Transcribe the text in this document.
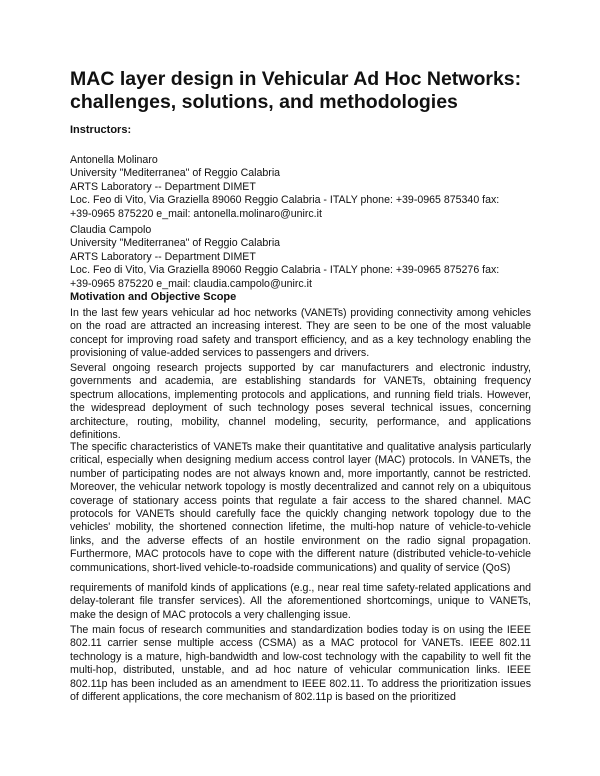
MAC layer design in Vehicular Ad Hoc Networks: challenges, solutions, and methodologies

Instructors:

Antonella Molinaro
University "Mediterranea" of Reggio Calabria
ARTS Laboratory -- Department DIMET
Loc. Feo di Vito, Via Graziella 89060 Reggio Calabria - ITALY phone: +39-0965 875340 fax:
+39-0965 875220 e_mail: antonella.molinaro@unirc.it
Claudia Campolo
University "Mediterranea" of Reggio Calabria
ARTS Laboratory -- Department DIMET
Loc. Feo di Vito, Via Graziella 89060 Reggio Calabria - ITALY phone: +39-0965 875276 fax:
+39-0965 875220 e_mail: claudia.campolo@unirc.it

Motivation and Objective Scope

In the last few years vehicular ad hoc networks (VANETs) providing connectivity among vehicles on the road are attracted an increasing interest. They are seen to be one of the most valuable concept for improving road safety and transport efficiency, and as a key technology enabling the provisioning of value-added services to passengers and drivers.

Several ongoing research projects supported by car manufacturers and electronic industry, governments and academia, are establishing standards for VANETs, obtaining frequency spectrum allocations, implementing protocols and applications, and running field trials. However, the widespread deployment of such technology poses several technical issues, concerning architecture, routing, mobility, channel modeling, security, performance, and applications definitions.

The specific characteristics of VANETs make their quantitative and qualitative analysis particularly critical, especially when designing medium access control layer (MAC) protocols. In VANETs, the number of participating nodes are not always known and, more importantly, cannot be restricted. Moreover, the vehicular network topology is mostly decentralized and cannot rely on a ubiquitous coverage of stationary access points that regulate a fair access to the shared channel. MAC protocols for VANETs should carefully face the quickly changing network topology due to the vehicles' mobility, the shortened connection lifetime, the multi-hop nature of vehicle-to-vehicle links, and the adverse effects of an hostile environment on the radio signal propagation. Furthermore, MAC protocols have to cope with the different nature (distributed vehicle-to-vehicle communications, short-lived vehicle-to-roadside communications) and quality of service (QoS)

requirements of manifold kinds of applications (e.g., near real time safety-related applications and delay-tolerant file transfer services). All the aforementioned shortcomings, unique to VANETs, make the design of MAC protocols a very challenging issue.

The main focus of research communities and standardization bodies today is on using the IEEE 802.11 carrier sense multiple access (CSMA) as a MAC protocol for VANETs. IEEE 802.11 technology is a mature, high-bandwidth and low-cost technology with the capability to well fit the multi-hop, distributed, unstable, and ad hoc nature of vehicular communication links. IEEE 802.11p has been included as an amendment to IEEE 802.11. To address the prioritization issues of different applications, the core mechanism of 802.11p is based on the prioritized
